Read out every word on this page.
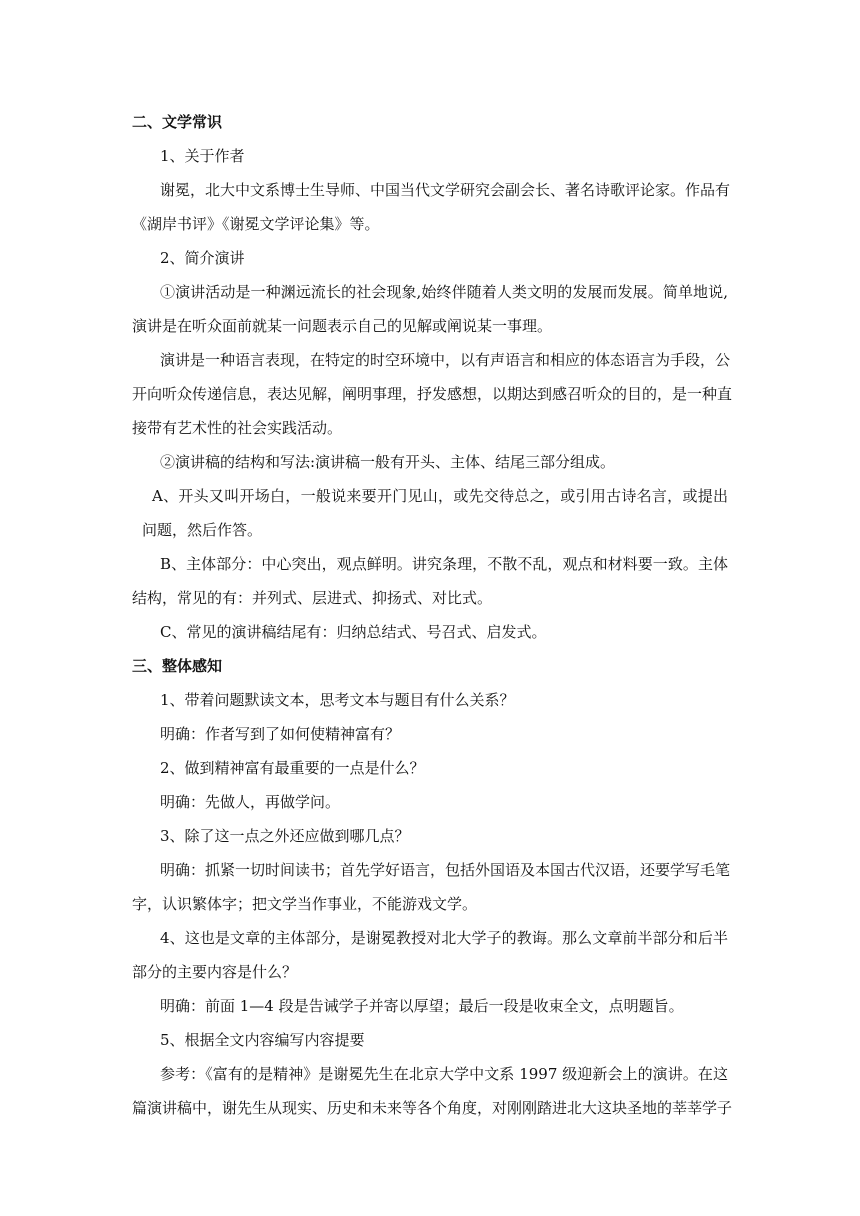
二、文学常识
1、关于作者
谢冕，北大中文系博士生导师、中国当代文学研究会副会长、著名诗歌评论家。作品有
《湖岸书评》《谢冕文学评论集》等。
2、简介演讲
①演讲活动是一种渊远流长的社会现象,始终伴随着人类文明的发展而发展。简单地说,
演讲是在听众面前就某一问题表示自己的见解或阐说某一事理。
演讲是一种语言表现，在特定的时空环境中，以有声语言和相应的体态语言为手段，公
开向听众传递信息，表达见解，阐明事理，抒发感想，以期达到感召听众的目的，是一种直
接带有艺术性的社会实践活动。
②演讲稿的结构和写法:演讲稿一般有开头、主体、结尾三部分组成。
A、开头又叫开场白，一般说来要开门见山，或先交待总之，或引用古诗名言，或提出
问题，然后作答。
B、主体部分：中心突出，观点鲜明。讲究条理，不散不乱，观点和材料要一致。主体
结构，常见的有：并列式、层进式、抑扬式、对比式。
C、常见的演讲稿结尾有：归纳总结式、号召式、启发式。
三、整体感知
1、带着问题默读文本，思考文本与题目有什么关系？
明确：作者写到了如何使精神富有？
2、做到精神富有最重要的一点是什么？
明确：先做人，再做学问。
3、除了这一点之外还应做到哪几点？
明确：抓紧一切时间读书；首先学好语言，包括外国语及本国古代汉语，还要学写毛笔
字，认识繁体字；把文学当作事业，不能游戏文学。
4、这也是文章的主体部分，是谢冕教授对北大学子的教诲。那么文章前半部分和后半
部分的主要内容是什么？
明确：前面 1—4 段是告诫学子并寄以厚望；最后一段是收束全文，点明题旨。
5、根据全文内容编写内容提要
参考：《富有的是精神》是谢冕先生在北京大学中文系 1997 级迎新会上的演讲。在这
篇演讲稿中，谢先生从现实、历史和未来等各个角度，对刚刚踏进北大这块圣地的莘莘学子
